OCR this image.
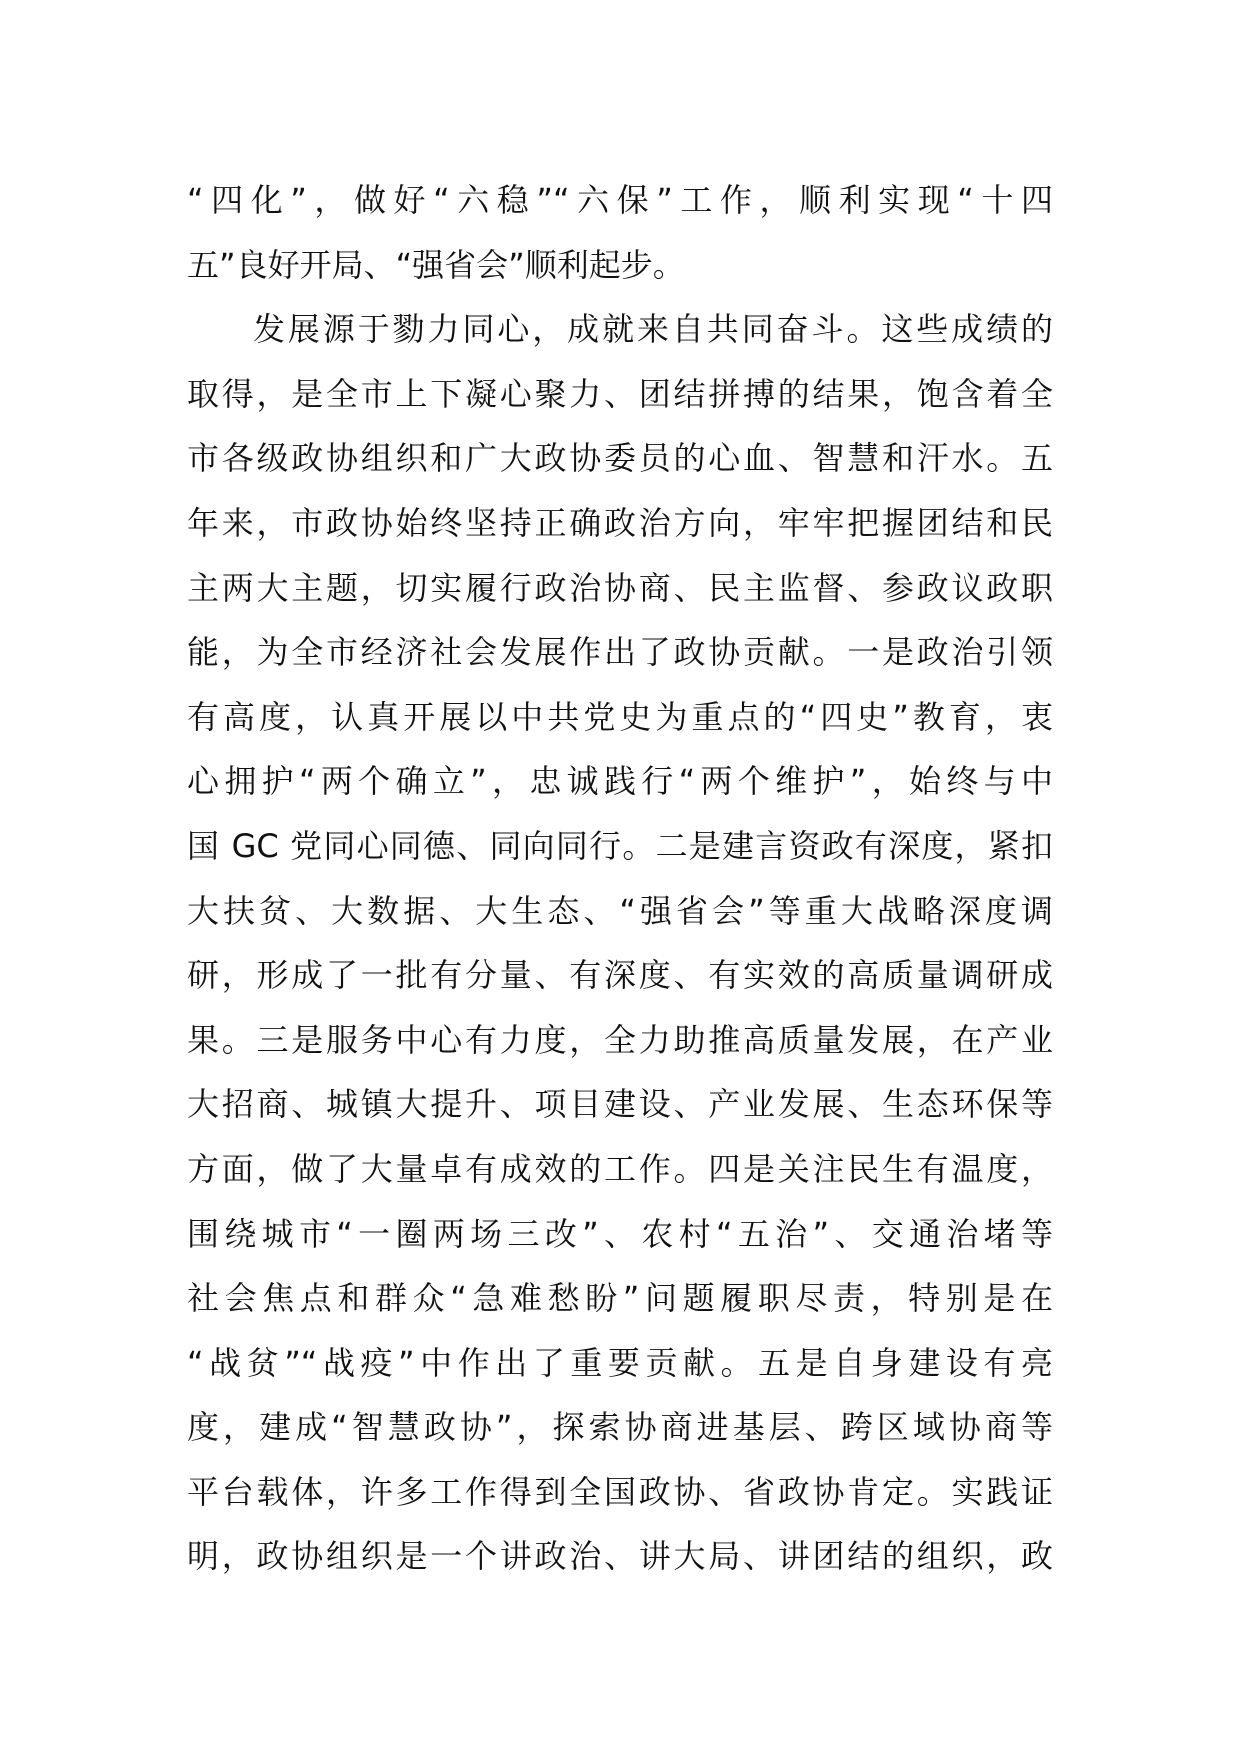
“四化”，做好“六稳”“六保”工作，顺利实现“十四
五”良好开局、“强省会”顺利起步。
发展源于勠力同心，成就来自共同奋斗。这些成绩的
取得，是全市上下凝心聚力、团结拼搏的结果，饱含着全
市各级政协组织和广大政协委员的心血、智慧和汗水。五
年来，市政协始终坚持正确政治方向，牢牢把握团结和民
主两大主题，切实履行政治协商、民主监督、参政议政职
能，为全市经济社会发展作出了政协贡献。一是政治引领
有高度，认真开展以中共党史为重点的“四史”教育，衷
心拥护“两个确立”，忠诚践行“两个维护”，始终与中
国 GC 党同心同德、同向同行。二是建言资政有深度，紧扣
大扶贫、大数据、大生态、“强省会”等重大战略深度调
研，形成了一批有分量、有深度、有实效的高质量调研成
果。三是服务中心有力度，全力助推高质量发展，在产业
大招商、城镇大提升、项目建设、产业发展、生态环保等
方面，做了大量卓有成效的工作。四是关注民生有温度，
围绕城市“一圈两场三改”、农村“五治”、交通治堵等
社会焦点和群众“急难愁盼”问题履职尽责，特别是在
“战贫”“战疫”中作出了重要贡献。五是自身建设有亮
度，建成“智慧政协”，探索协商进基层、跨区域协商等
平台载体，许多工作得到全国政协、省政协肯定。实践证
明，政协组织是一个讲政治、讲大局、讲团结的组织，政
